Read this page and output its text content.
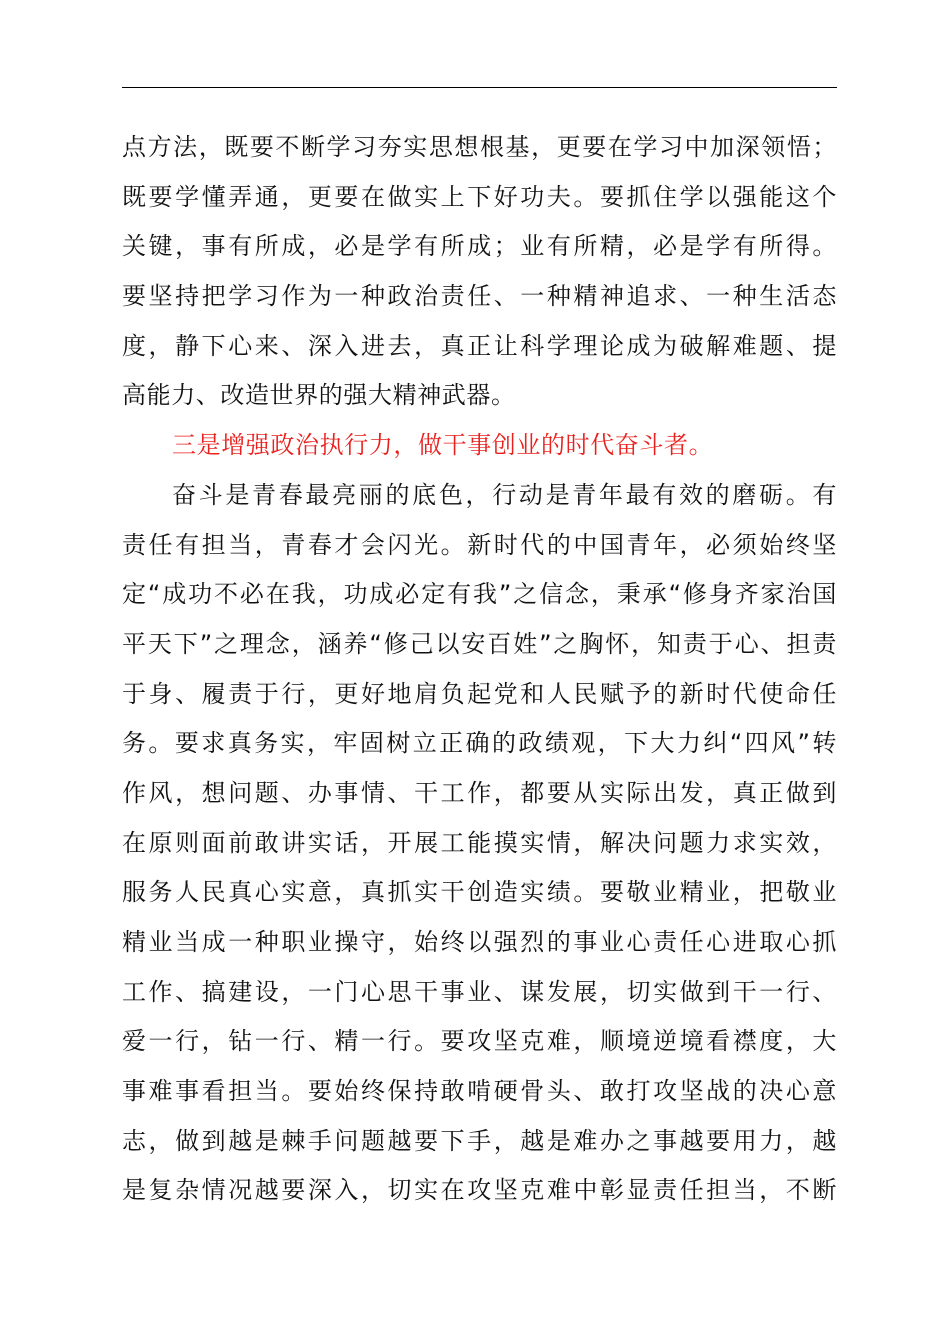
点方法，既要不断学习夯实思想根基，更要在学习中加深领悟；
既要学懂弄通，更要在做实上下好功夫。要抓住学以强能这个
关键，事有所成，必是学有所成；业有所精，必是学有所得。
要坚持把学习作为一种政治责任、一种精神追求、一种生活态
度，静下心来、深入进去，真正让科学理论成为破解难题、提
高能力、改造世界的强大精神武器。
三是增强政治执行力，做干事创业的时代奋斗者。
奋斗是青春最亮丽的底色，行动是青年最有效的磨砺。有
责任有担当，青春才会闪光。新时代的中国青年，必须始终坚
定“成功不必在我，功成必定有我”之信念，秉承“修身齐家治国
平天下”之理念，涵养“修己以安百姓”之胸怀，知责于心、担责
于身、履责于行，更好地肩负起党和人民赋予的新时代使命任
务。要求真务实，牢固树立正确的政绩观，下大力纠“四风”转
作风，想问题、办事情、干工作，都要从实际出发，真正做到
在原则面前敢讲实话，开展工能摸实情，解决问题力求实效，
服务人民真心实意，真抓实干创造实绩。要敬业精业，把敬业
精业当成一种职业操守，始终以强烈的事业心责任心进取心抓
工作、搞建设，一门心思干事业、谋发展，切实做到干一行、
爱一行，钻一行、精一行。要攻坚克难，顺境逆境看襟度，大
事难事看担当。要始终保持敢啃硬骨头、敢打攻坚战的决心意
志，做到越是棘手问题越要下手，越是难办之事越要用力，越
是复杂情况越要深入，切实在攻坚克难中彰显责任担当，不断
